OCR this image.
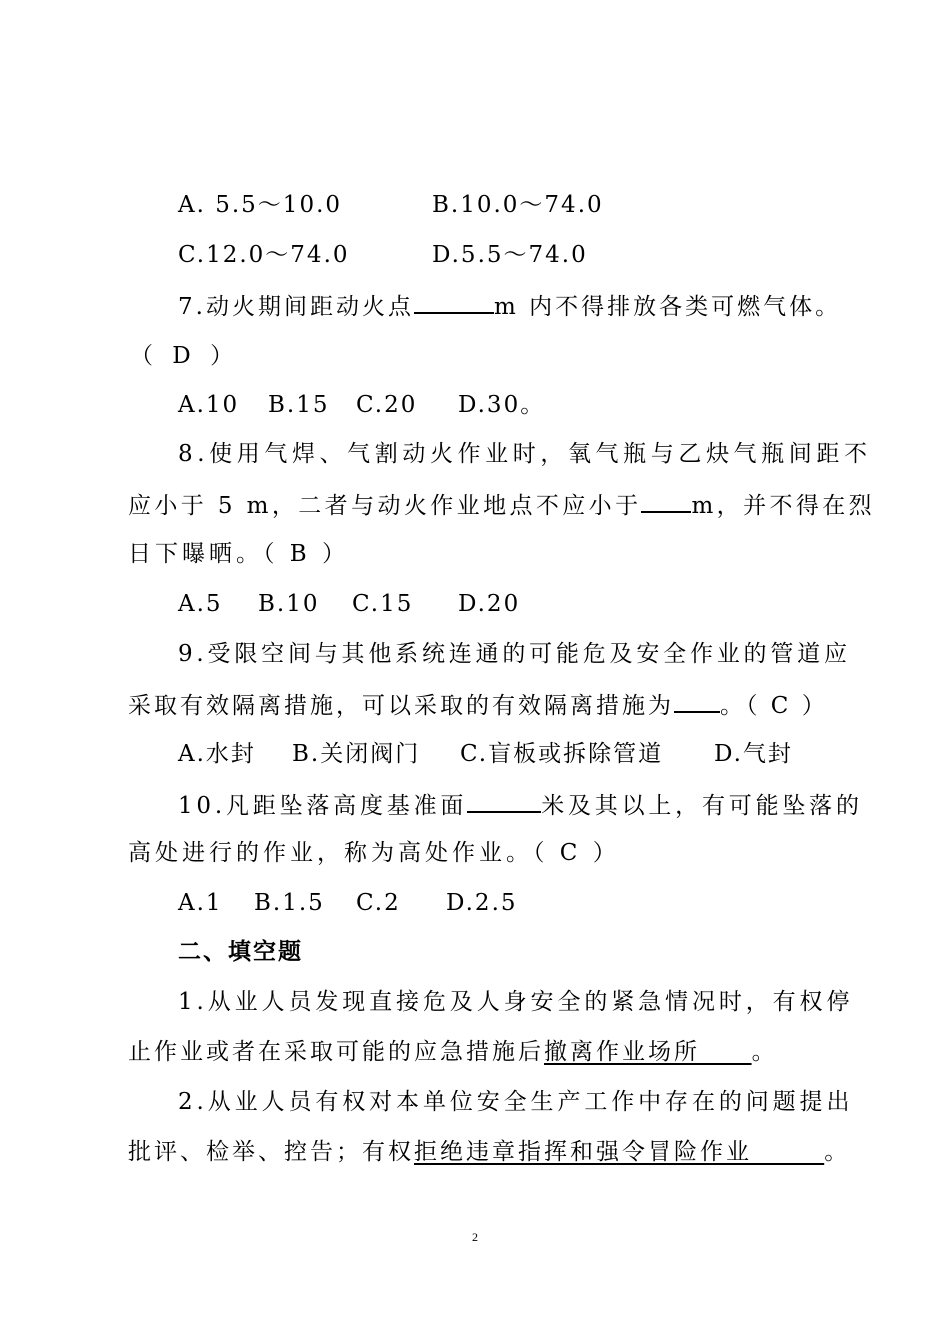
A. 5.5～10.0	B.10.0～74.0
C.12.0～74.0	D.5.5～74.0
7.动火期间距动火点	m 内不得排放各类可燃气体。
（ D ）
A.10 B.15 C.20 D.30。
8.使用气焊、气割动火作业时，氧气瓶与乙炔气瓶间距不
应小于 5 m，二者与动火作业地点不应小于 m，并不得在烈
日下曝晒。（ B ）
A.5 B.10 C.15 D.20
9.受限空间与其他系统连通的可能危及安全作业的管道应
采取有效隔离措施，可以采取的有效隔离措施为 。（ C ）
A.水封 B.关闭阀门 C.盲板或拆除管道 D.气封
10.凡距坠落高度基准面	米及其以上，有可能坠落的
高处进行的作业，称为高处作业。（ C ）
A.1 B.1.5 C.2 D.2.5
二、填空题
1.从业人员发现直接危及人身安全的紧急情况时，有权停
止作业或者在采取可能的应急措施后撤离作业场所 。
2.从业人员有权对本单位安全生产工作中存在的问题提出
批评、检举、控告；有权拒绝违章指挥和强令冒险作业	。
2
